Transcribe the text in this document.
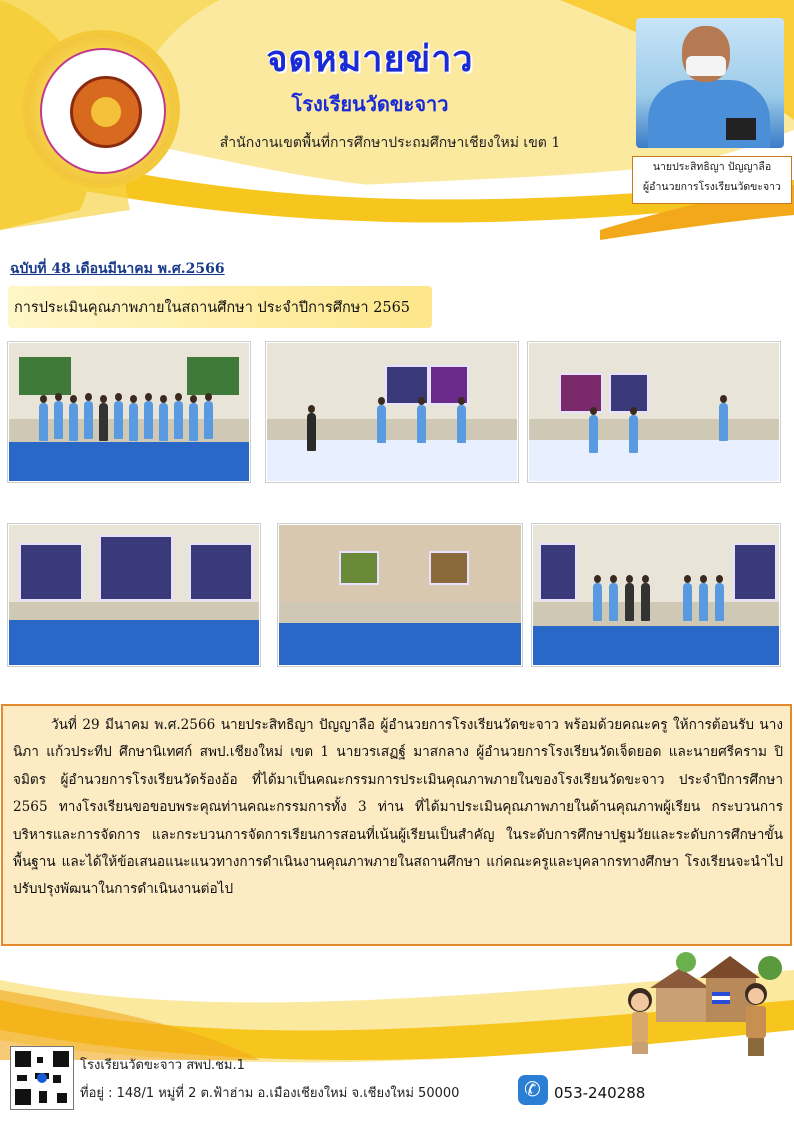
จดหมายข่าว
โรงเรียนวัดขะจาว
สำนักงานเขตพื้นที่การศึกษาประถมศึกษาเชียงใหม่ เขต 1
นายประสิทธิญา ปัญญาลือ
ผู้อำนวยการโรงเรียนวัดขะจาว
ฉบับที่ 48 เดือนมีนาคม พ.ศ.2566
การประเมินคุณภาพภายในสถานศึกษา ประจำปีการศึกษา 2565
วันที่ 29 มีนาคม พ.ศ.2566 นายประสิทธิญา ปัญญาลือ ผู้อำนวยการโรงเรียนวัดขะจาว พร้อมด้วยคณะครู ให้การต้อนรับ นางนิภา แก้วประทีป ศึกษานิเทศก์ สพป.เชียงใหม่ เขต 1 นายวรเสฏฐ์ มาสกลาง ผู้อำนวยการโรงเรียนวัดเจ็ดยอด และนายศรีคราม ปิจมิตร ผู้อำนวยการโรงเรียนวัดร้องอ้อ ที่ได้มาเป็นคณะกรรมการประเมินคุณภาพภายในของโรงเรียนวัดขะจาว ประจำปีการศึกษา 2565 ทางโรงเรียนขอขอบพระคุณท่านคณะกรรมการทั้ง 3 ท่าน ที่ได้มาประเมินคุณภาพภายในด้านคุณภาพผู้เรียน กระบวนการบริหารและการจัดการ และกระบวนการจัดการเรียนการสอนที่เน้นผู้เรียนเป็นสำคัญ ในระดับการศึกษาปฐมวัยและระดับการศึกษาขั้นพื้นฐาน และได้ให้ข้อเสนอแนะแนวทางการดำเนินงานคุณภาพภายในสถานศึกษา แก่คณะครูและบุคลากรทางศึกษา โรงเรียนจะนำไปปรับปรุงพัฒนาในการดำเนินงานต่อไป
โรงเรียนวัดขะจาว สพป.ชม.1
ที่อยู่ : 148/1 หมู่ที่ 2 ต.ฟ้าฮ่าม อ.เมืองเชียงใหม่ จ.เชียงใหม่ 50000
✆	053-240288
